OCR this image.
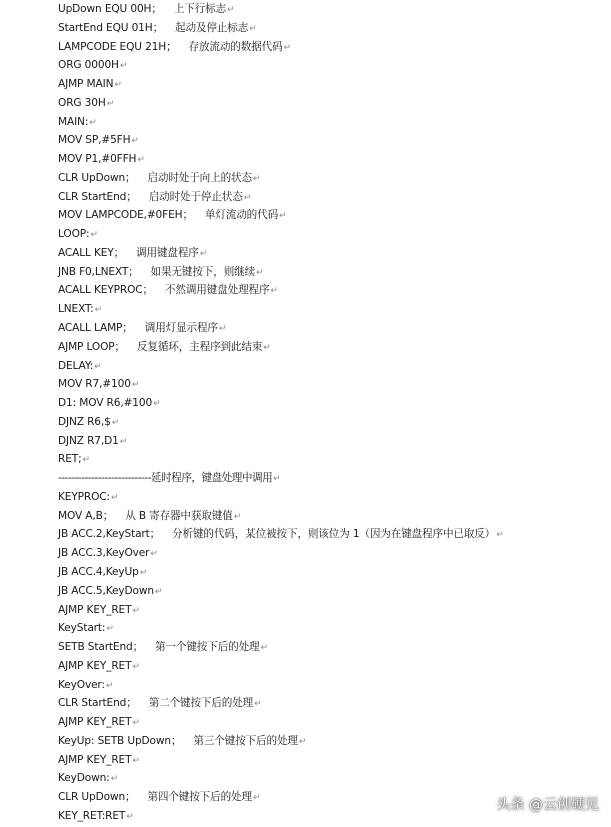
UpDown EQU 00H； 上下行标志↵
StartEnd EQU 01H； 起动及停止标志↵
LAMPCODE EQU 21H； 存放流动的数据代码↵
ORG 0000H↵
AJMP MAIN↵
ORG 30H↵
MAIN:↵
MOV SP,#5FH↵
MOV P1,#0FFH↵
CLR UpDown； 启动时处于向上的状态↵
CLR StartEnd； 启动时处于停止状态↵
MOV LAMPCODE,#0FEH； 单灯流动的代码↵
LOOP:↵
ACALL KEY； 调用键盘程序↵
JNB F0,LNEXT； 如果无键按下，则继续↵
ACALL KEYPROC； 不然调用键盘处理程序↵
LNEXT:↵
ACALL LAMP； 调用灯显示程序↵
AJMP LOOP； 反复循环，主程序到此结束↵
DELAY:↵
MOV R7,#100↵
D1: MOV R6,#100↵
DJNZ R6,$↵
DJNZ R7,D1↵
RET;↵
----------------------------延时程序，键盘处理中调用↵
KEYPROC:↵
MOV A,B； 从 B 寄存器中获取键值↵
JB ACC.2,KeyStart； 分析键的代码，某位被按下，则该位为 1（因为在键盘程序中已取反）↵
JB ACC.3,KeyOver↵
JB ACC.4,KeyUp↵
JB ACC.5,KeyDown↵
AJMP KEY_RET↵
KeyStart:↵
SETB StartEnd； 第一个键按下后的处理↵
AJMP KEY_RET↵
KeyOver:↵
CLR StartEnd； 第二个键按下后的处理↵
AJMP KEY_RET↵
KeyUp: SETB UpDown； 第三个键按下后的处理↵
AJMP KEY_RET↵
KeyDown:↵
CLR UpDown； 第四个键按下后的处理↵
KEY_RET:RET↵
头条 @云创硬见
